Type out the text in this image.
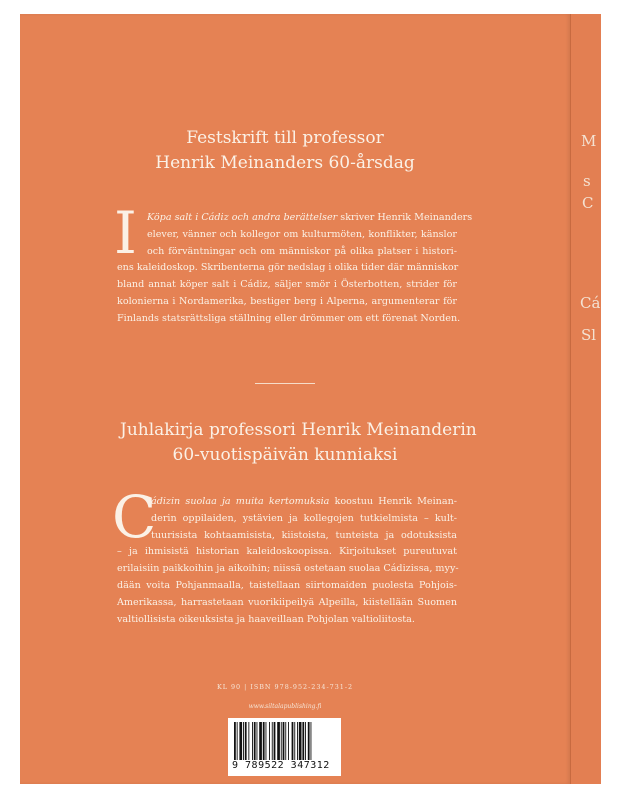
M
s
C
Cá
Sl
Festskrift till professor
Henrik Meinanders 60-årsdag
I	Köpa salt i Cádiz och andra berättelser skriver Henrik Meinanders
elever, vänner och kollegor om kulturmöten, konflikter, känslor
och förväntningar och om människor på olika platser i histori-
ens kaleidoskop. Skribenterna gör nedslag i olika tider där människor
bland annat köper salt i Cádiz, säljer smör i Österbotten, strider för
kolonierna i Nordamerika, bestiger berg i Alperna, argumenterar för
Finlands statsrättsliga ställning eller drömmer om ett förenat Norden.
Juhlakirja professori Henrik Meinanderin
60-vuotispäivän kunniaksi
C
ádizin suolaa ja muita kertomuksia koostuu Henrik Meinan-
derin oppilaiden, ystävien ja kollegojen tutkielmista – kult-
tuurisista kohtaamisista, kiistoista, tunteista ja odotuksista
– ja ihmisistä historian kaleidoskoopissa. Kirjoitukset pureutuvat
erilaisiin paikkoihin ja aikoihin; niissä ostetaan suolaa Cádizissa, myy-
dään voita Pohjanmaalla, taistellaan siirtomaiden puolesta Pohjois-
Amerikassa, harrastetaan vuorikiipeilyä Alpeilla, kiistellään Suomen
valtiollisista oikeuksista ja haaveillaan Pohjolan valtioliitosta.
KL 90 | ISBN 978-952-234-731-2
www.siltalapublishing.fi
9 789522 347312
